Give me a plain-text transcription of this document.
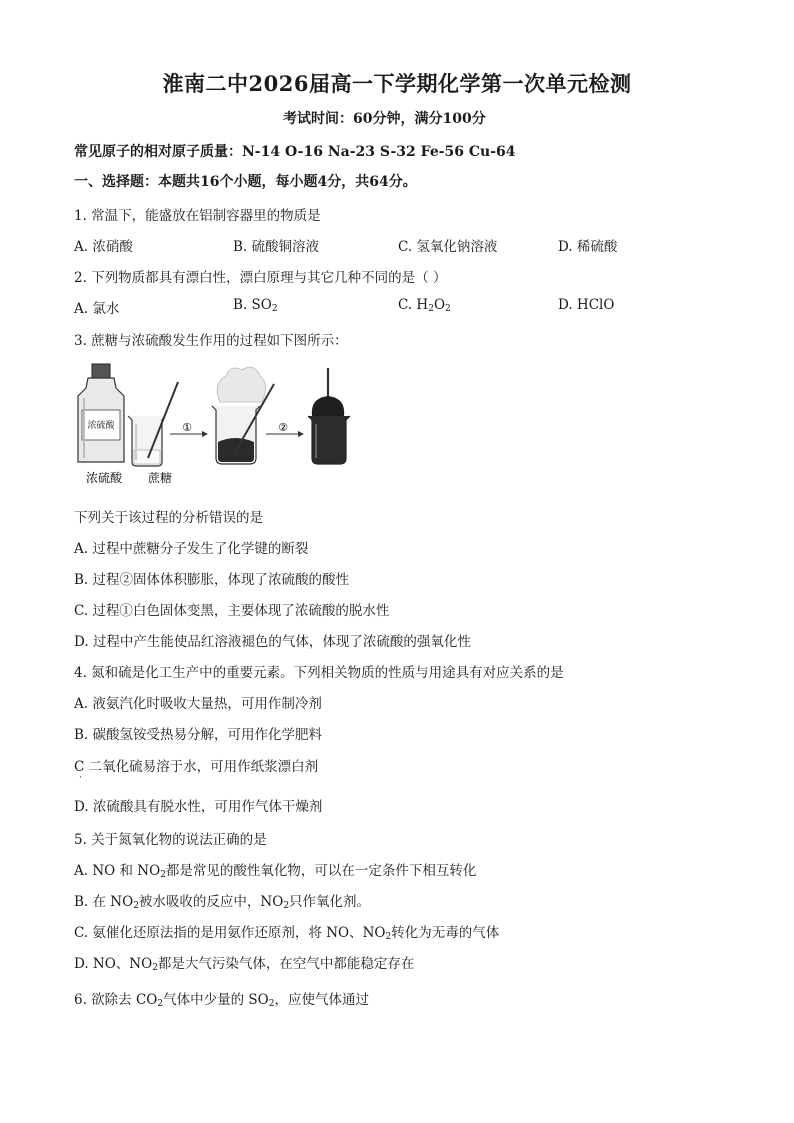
淮南二中2026届高一下学期化学第一次单元检测
考试时间：60分钟，满分100分
常见原子的相对原子质量：N-14 O-16 Na-23 S-32 Fe-56 Cu-64
一、选择题：本题共16个小题，每小题4分，共64分。
1. 常温下，能盛放在铝制容器里的物质是
A. 浓硝酸	B. 硫酸铜溶液	C. 氢氧化钠溶液	D. 稀硫酸
2. 下列物质都具有漂白性，漂白原理与其它几种不同的是（ ）
A. 氯水	B. $SO_2$	C. $H_2O_2$	D. HClO
3. 蔗糖与浓硫酸发生作用的过程如下图所示：
浓硫酸	①	②
浓硫酸 蔗糖
下列关于该过程的分析错误的是
A. 过程中蔗糖分子发生了化学键的断裂
B. 过程②固体体积膨胀，体现了浓硫酸的酸性
C. 过程①白色固体变黑，主要体现了浓硫酸的脱水性
D. 过程中产生能使品红溶液褪色的气体，体现了浓硫酸的强氧化性
4. 氮和硫是化工生产中的重要元素。下列相关物质的性质与用途具有对应关系的是
A. 液氨汽化时吸收大量热，可用作制冷剂
B. 碳酸氢铵受热易分解，可用作化学肥料
C 二氧化硫易溶于水，可用作纸浆漂白剂
·
D. 浓硫酸具有脱水性，可用作气体干燥剂
5. 关于氮氧化物的说法正确的是
A. NO 和 $NO_2$都是常见的酸性氧化物，可以在一定条件下相互转化
B. 在 $NO_2$被水吸收的反应中，$NO_2$只作氧化剂。
C. 氨催化还原法指的是用氨作还原剂，将 NO、$NO_2$转化为无毒的气体
D. NO、$NO_2$都是大气污染气体，在空气中都能稳定存在
6. 欲除去 $CO_2$气体中少量的 $SO_2$，应使气体通过
